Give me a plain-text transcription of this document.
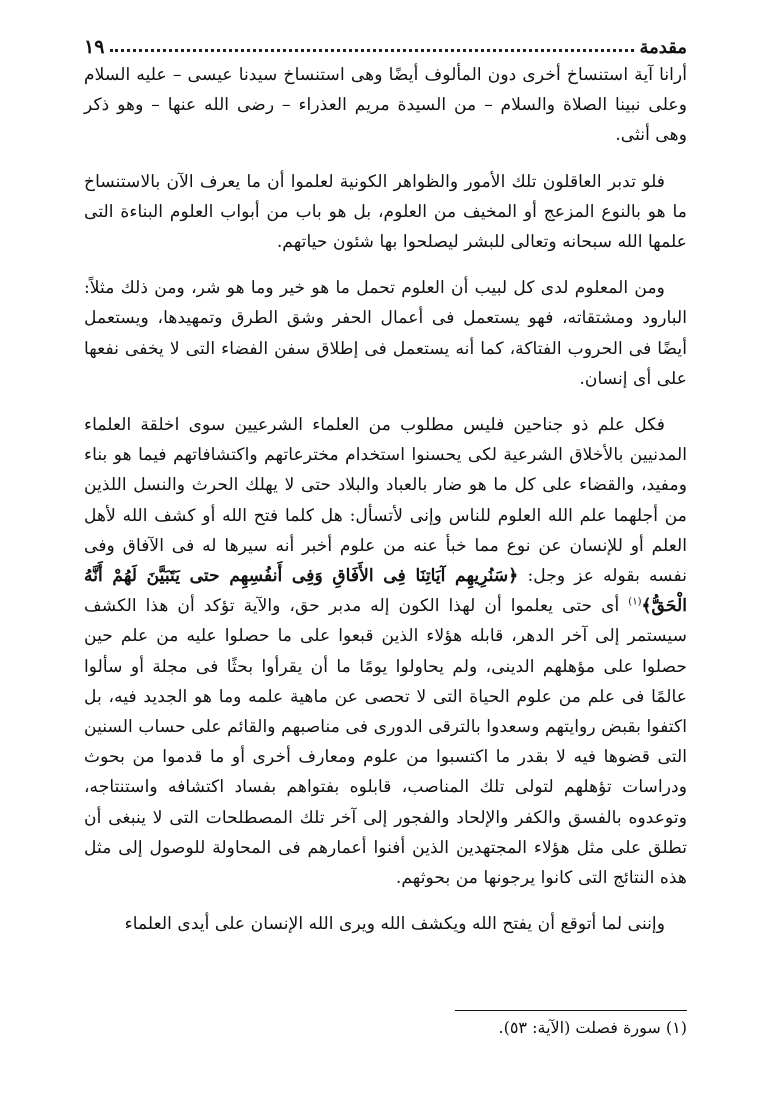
مقدمة
١٩

أرانا آية استنساخ أخرى دون المألوف أيضًا وهى استنساخ سيدنا عيسى – عليه السلام وعلى نبينا الصلاة والسلام – من السيدة مريم العذراء – رضى الله عنها – وهو ذكر وهى أنثى.

فلو تدبر العاقلون تلك الأمور والظواهر الكونية لعلموا أن ما يعرف الآن بالاستنساخ ما هو بالنوع المزعج أو المخيف من العلوم، بل هو باب من أبواب العلوم البناءة التى علمها الله سبحانه وتعالى للبشر ليصلحوا بها شئون حياتهم.

ومن المعلوم لدى كل لبيب أن العلوم تحمل ما هو خير وما هو شر، ومن ذلك مثلاً: البارود ومشتقاته، فهو يستعمل فى أعمال الحفر وشق الطرق وتمهيدها، ويستعمل أيضًا فى الحروب الفتاكة، كما أنه يستعمل فى إطلاق سفن الفضاء التى لا يخفى نفعها على أى إنسان.

فكل علم ذو جناحين فليس مطلوب من العلماء الشرعيين سوى اخلقة العلماء المدنيين بالأخلاق الشرعية لكى يحسنوا استخدام مخترعاتهم واكتشافاتهم فيما هو بناء ومفيد، والقضاء على كل ما هو ضار بالعباد والبلاد حتى لا يهلك الحرث والنسل اللذين من أجلهما علم الله العلوم للناس وإنى لأتسأل: هل كلما فتح الله أو كشف الله لأهل العلم أو للإنسان عن نوع مما خبأ عنه من علوم أخبر أنه سيرها له فى الآفاق وفى نفسه بقوله عز وجل: ﴿سَنُرِيهِم آيَاتِنَا فِى الأَفَاقِ وَفِى أَنفُسِهِم حتى يَتَبَيَّنَ لَهُمْ أَنَّهُ الْحَقُّ﴾$^{(١)}$ أى حتى يعلموا أن لهذا الكون إله مدبر حق، والآية تؤكد أن هذا الكشف سيستمر إلى آخر الدهر، قابله هؤلاء الذين قبعوا على ما حصلوا عليه من علم حين حصلوا على مؤهلهم الدينى، ولم يحاولوا يومًا ما أن يقرأوا بحثًا فى مجلة أو سألوا عالمًا فى علم من علوم الحياة التى لا تحصى عن ماهية علمه وما هو الجديد فيه، بل اكتفوا بقبض روايتهم وسعدوا بالترقى الدورى فى مناصبهم والقائم على حساب السنين التى قضوها فيه لا بقدر ما اكتسبوا من علوم ومعارف أخرى أو ما قدموا من بحوث ودراسات تؤهلهم لتولى تلك المناصب، قابلوه بفتواهم بفساد اكتشافه واستنتاجه، وتوعدوه بالفسق والكفر والإلحاد والفجور إلى آخر تلك المصطلحات التى لا ينبغى أن تطلق على مثل هؤلاء المجتهدين الذين أفنوا أعمارهم فى المحاولة للوصول إلى مثل هذه النتائج التى كانوا يرجونها من بحوثهم.

وإننى لما أتوقع أن يفتح الله ويكشف الله ويرى الله الإنسان على أيدى العلماء

(١) سورة فصلت (الآية: ٥٣).
